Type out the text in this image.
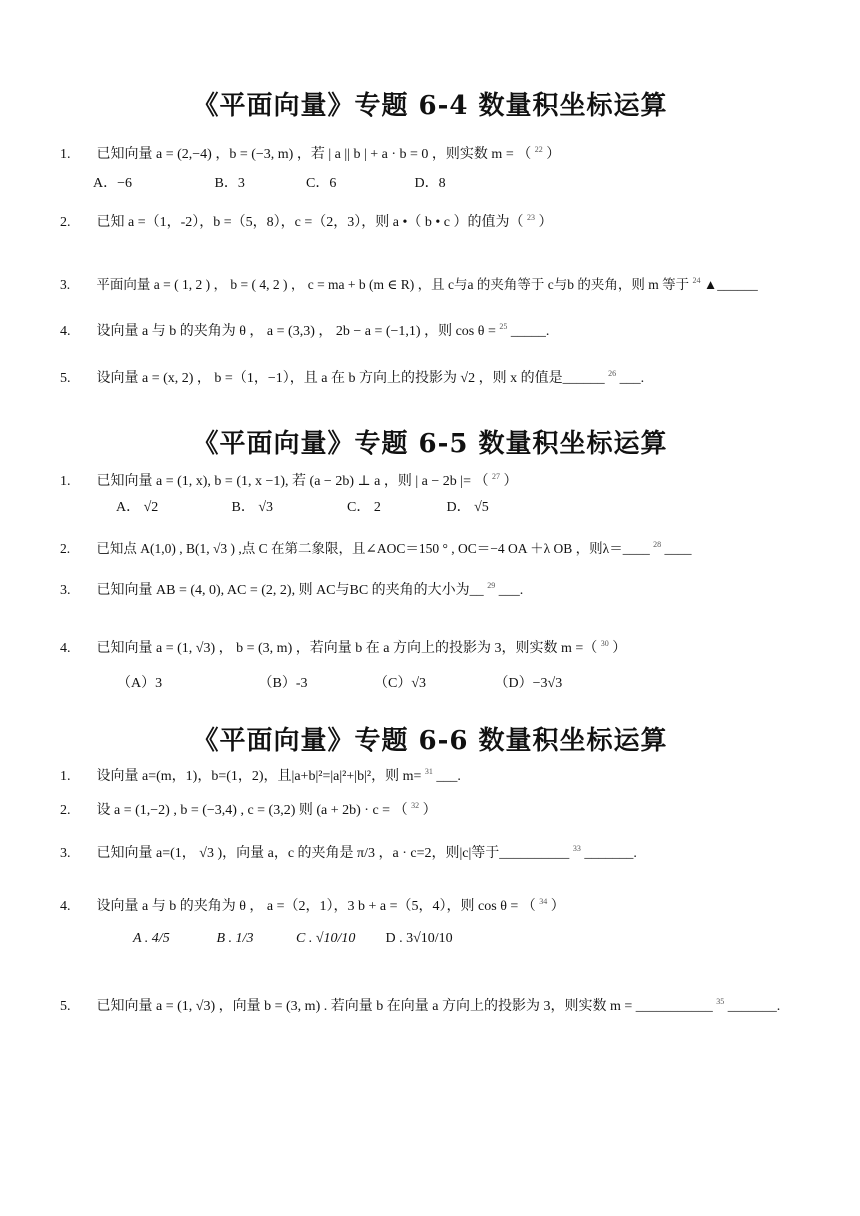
《平面向量》专题 6-4 数量积坐标运算
1. 已知向量 a = (2,−4) ，b = (−3, m) ，若 | a || b | + a · b = 0 ，则实数 m = （ $^{22}$ ）
A．−6	B．3	C．6	D．8
2. 已知 a =（1，-2），b =（5，8），c =（2，3），则 a •（ b • c ）的值为（ $^{23}$ ）
3. 平面向量 a = ( 1, 2 ) ， b = ( 4, 2 ) ， c = ma + b (m ∈ R) ，且 c与a 的夹角等于 c与b 的夹角，则 m 等于 $^{24}$ ▲______
4. 设向量 a 与 b 的夹角为 θ ， a = (3,3) ， 2b − a = (−1,1) ，则 cos θ = $^{25}$ _____.
5. 设向量 a = (x, 2) ， b =（1，−1），且 a 在 b 方向上的投影为 √2 ，则 x 的值是______ $^{26}$ ___.
《平面向量》专题 6-5 数量积坐标运算
1. 已知向量 a = (1, x), b = (1, x −1), 若 (a − 2b) ⊥ a ，则 | a − 2b |= （ $^{27}$ ）
A． √2	B． √3	C． 2	D． √5
2. 已知点 A(1,0) , B(1, √3 ) ,点 C 在第二象限，且∠AOC＝150 ° , OC＝−4 OA ＋λ OB ，则λ＝____ $^{28}$ ____
3. 已知向量 AB = (4, 0), AC = (2, 2), 则 AC与BC 的夹角的大小为__ $^{29}$ ___.
4. 已知向量 a = (1, √3) ， b = (3, m) ，若向量 b 在 a 方向上的投影为 3，则实数 m =（ $^{30}$ ）
（A）3	（B）-3	（C）√3	（D）−3√3
《平面向量》专题 6-6 数量积坐标运算
1. 设向量 a=(m，1)，b=(1，2)，且|a+b|²=|a|²+|b|²，则 m= $^{31}$ ___.
2. 设 a = (1,−2) , b = (−3,4) , c = (3,2) 则 (a + 2b) · c = （ $^{32}$ ）
3. 已知向量 a=(1， √3 )，向量 a，c 的夹角是 π/3 ，a · c=2，则|c|等于__________ $^{33}$ _______.
4. 设向量 a 与 b 的夹角为 θ ， a =（2，1），3 b + a =（5，4），则 cos θ = （ $^{34}$ ）
A . 4/5	B . 1/3	C . √10/10 D . 3√10/10
5. 已知向量 a = (1, √3) ，向量 b = (3, m) . 若向量 b 在向量 a 方向上的投影为 3，则实数 m = ___________ $^{35}$ _______.
